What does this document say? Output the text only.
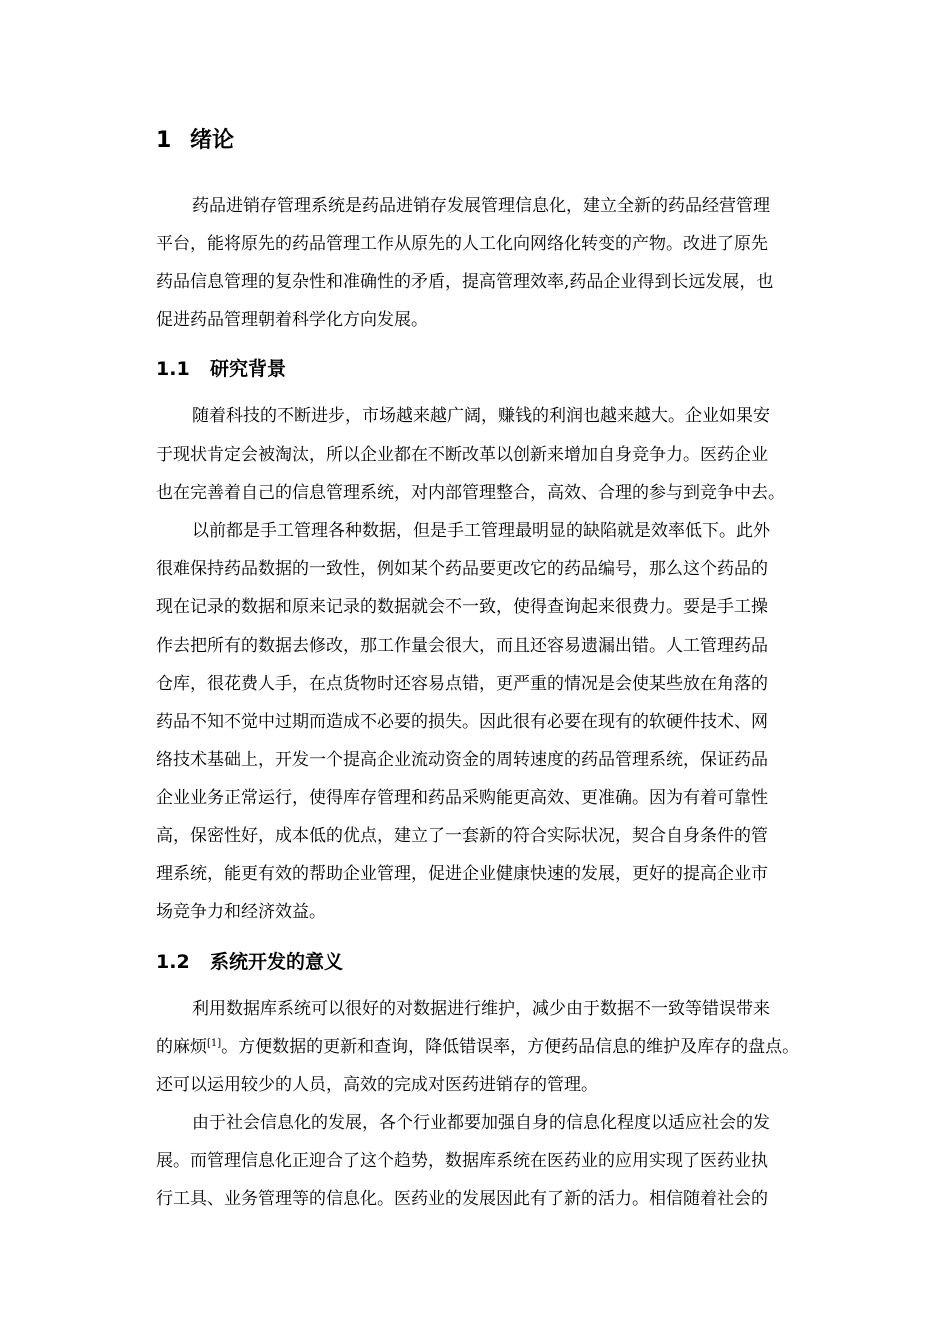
1 绪论
药品进销存管理系统是药品进销存发展管理信息化，建立全新的药品经营管理
平台，能将原先的药品管理工作从原先的人工化向网络化转变的产物。改进了原先
药品信息管理的复杂性和准确性的矛盾，提高管理效率,药品企业得到长远发展，也
促进药品管理朝着科学化方向发展。
1.1 研究背景
随着科技的不断进步，市场越来越广阔，赚钱的利润也越来越大。企业如果安
于现状肯定会被淘汰，所以企业都在不断改革以创新来增加自身竞争力。医药企业
也在完善着自己的信息管理系统，对内部管理整合，高效、合理的参与到竞争中去。
以前都是手工管理各种数据，但是手工管理最明显的缺陷就是效率低下。此外
很难保持药品数据的一致性，例如某个药品要更改它的药品编号，那么这个药品的
现在记录的数据和原来记录的数据就会不一致，使得查询起来很费力。要是手工操
作去把所有的数据去修改，那工作量会很大，而且还容易遗漏出错。人工管理药品
仓库，很花费人手，在点货物时还容易点错，更严重的情况是会使某些放在角落的
药品不知不觉中过期而造成不必要的损失。因此很有必要在现有的软硬件技术、网
络技术基础上，开发一个提高企业流动资金的周转速度的药品管理系统，保证药品
企业业务正常运行，使得库存管理和药品采购能更高效、更准确。因为有着可靠性
高，保密性好，成本低的优点，建立了一套新的符合实际状况，契合自身条件的管
理系统，能更有效的帮助企业管理，促进企业健康快速的发展，更好的提高企业市
场竞争力和经济效益。
1.2 系统开发的意义
利用数据库系统可以很好的对数据进行维护，减少由于数据不一致等错误带来
的麻烦[1]。方便数据的更新和查询，降低错误率，方便药品信息的维护及库存的盘点。
还可以运用较少的人员，高效的完成对医药进销存的管理。
由于社会信息化的发展，各个行业都要加强自身的信息化程度以适应社会的发
展。而管理信息化正迎合了这个趋势，数据库系统在医药业的应用实现了医药业执
行工具、业务管理等的信息化。医药业的发展因此有了新的活力。相信随着社会的
